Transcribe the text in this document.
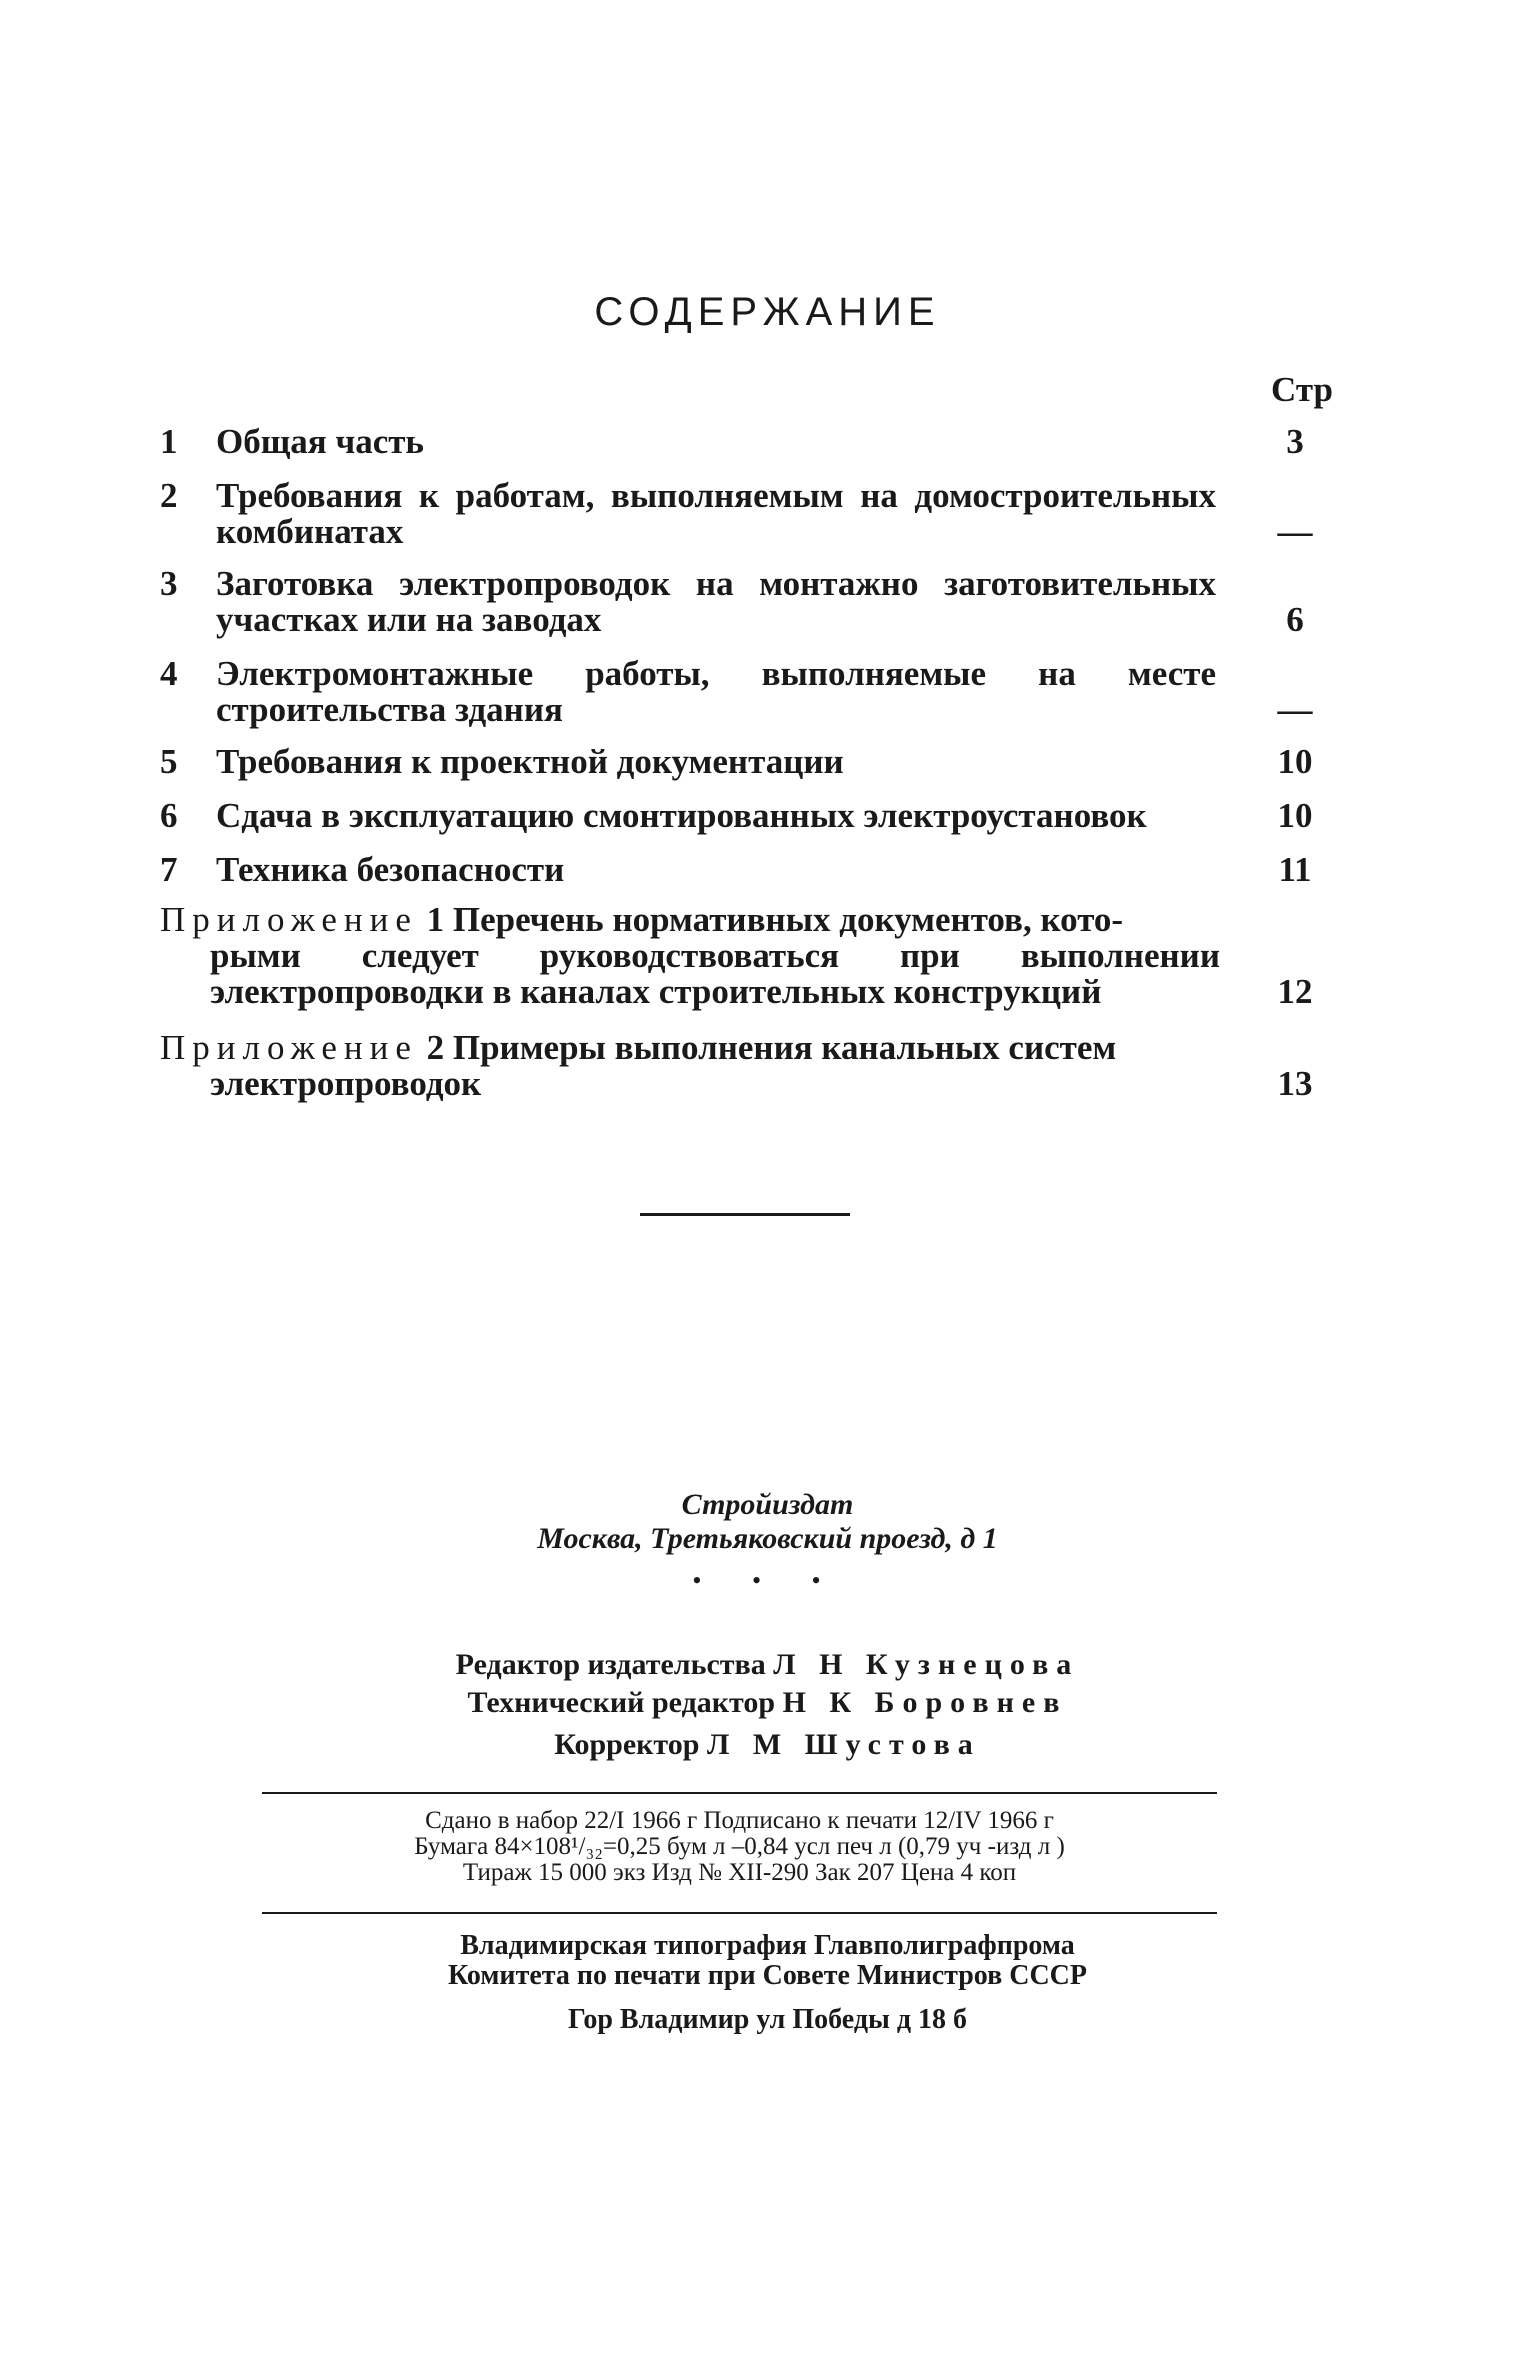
СОДЕРЖАНИЕ
Стр
1	Общая часть	3
2	Требования к работам, выполняемым на домостроительных комбинатах	—
3	Заготовка электропроводок на монтажно заготовительных участках или на заводах	6
4	Электромонтажные работы, выполняемые на месте строительства здания	—
5	Требования к проектной документации	10
6	Сдача в эксплуатацию смонтированных электроустановок	10
7	Техника безопасности	11
Приложение 1 Перечень нормативных документов, кото-
рыми следует руководствоваться при выполнении электропроводки в каналах строительных конструкций	12
Приложение 2 Примеры выполнения канальных систем
электропроводок	13
Стройиздат
Москва, Третьяковский проезд, д 1
• • •
Редактор издательства Л Н Кузнецова
Технический редактор Н К Боровнев
Корректор Л М Шустова
Сдано в набор 22/I 1966 г Подписано к печати 12/IV 1966 г
Бумага 84×108¹/₃₂=0,25 бум л –0,84 усл печ л (0,79 уч -изд л )
Тираж 15 000 экз Изд № XII-290 Зак 207 Цена 4 коп
Владимирская типография Главполиграфпрома
Комитета по печати при Совете Министров СССР
Гор Владимир ул Победы д 18 б
